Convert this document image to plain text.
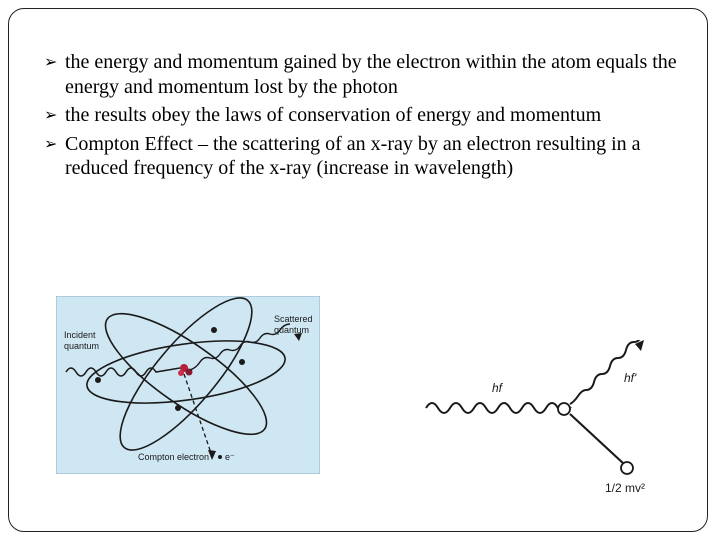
➢ the energy and momentum gained by the electron within the atom equals the energy and momentum lost by the photon
➢ the results obey the laws of conservation of energy and momentum
➢ Compton Effect – the scattering of an x-ray by an electron resulting in a reduced frequency of the x-ray (increase in wavelength)
Incident
quantum
Scattered
quantum
Compton electron e⁻
hf
hf'
1/2 mv²
